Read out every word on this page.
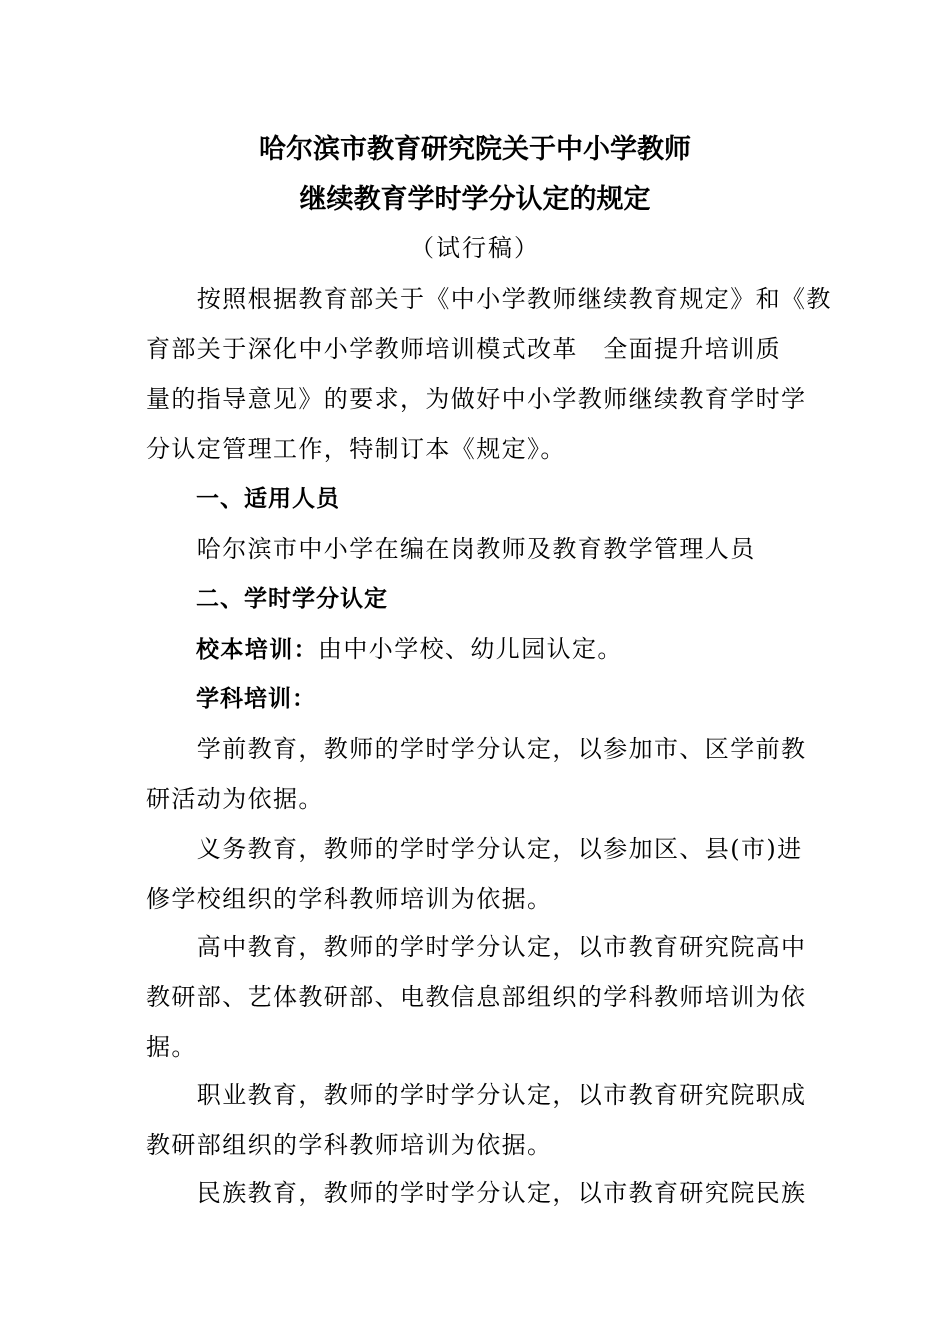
哈尔滨市教育研究院关于中小学教师
继续教育学时学分认定的规定
（试行稿）
　　按照根据教育部关于《中小学教师继续教育规定》和《教
育部关于深化中小学教师培训模式改革　全面提升培训质
量的指导意见》的要求，为做好中小学教师继续教育学时学
分认定管理工作，特制订本《规定》。
一、适用人员
　　哈尔滨市中小学在编在岗教师及教育教学管理人员
二、学时学分认定
校本培训：由中小学校、幼儿园认定。
学科培训：
　　学前教育，教师的学时学分认定，以参加市、区学前教
研活动为依据。
　　义务教育，教师的学时学分认定，以参加区、县(市)进
修学校组织的学科教师培训为依据。
　　高中教育，教师的学时学分认定，以市教育研究院高中
教研部、艺体教研部、电教信息部组织的学科教师培训为依
据。
　　职业教育，教师的学时学分认定，以市教育研究院职成
教研部组织的学科教师培训为依据。
　　民族教育，教师的学时学分认定，以市教育研究院民族
